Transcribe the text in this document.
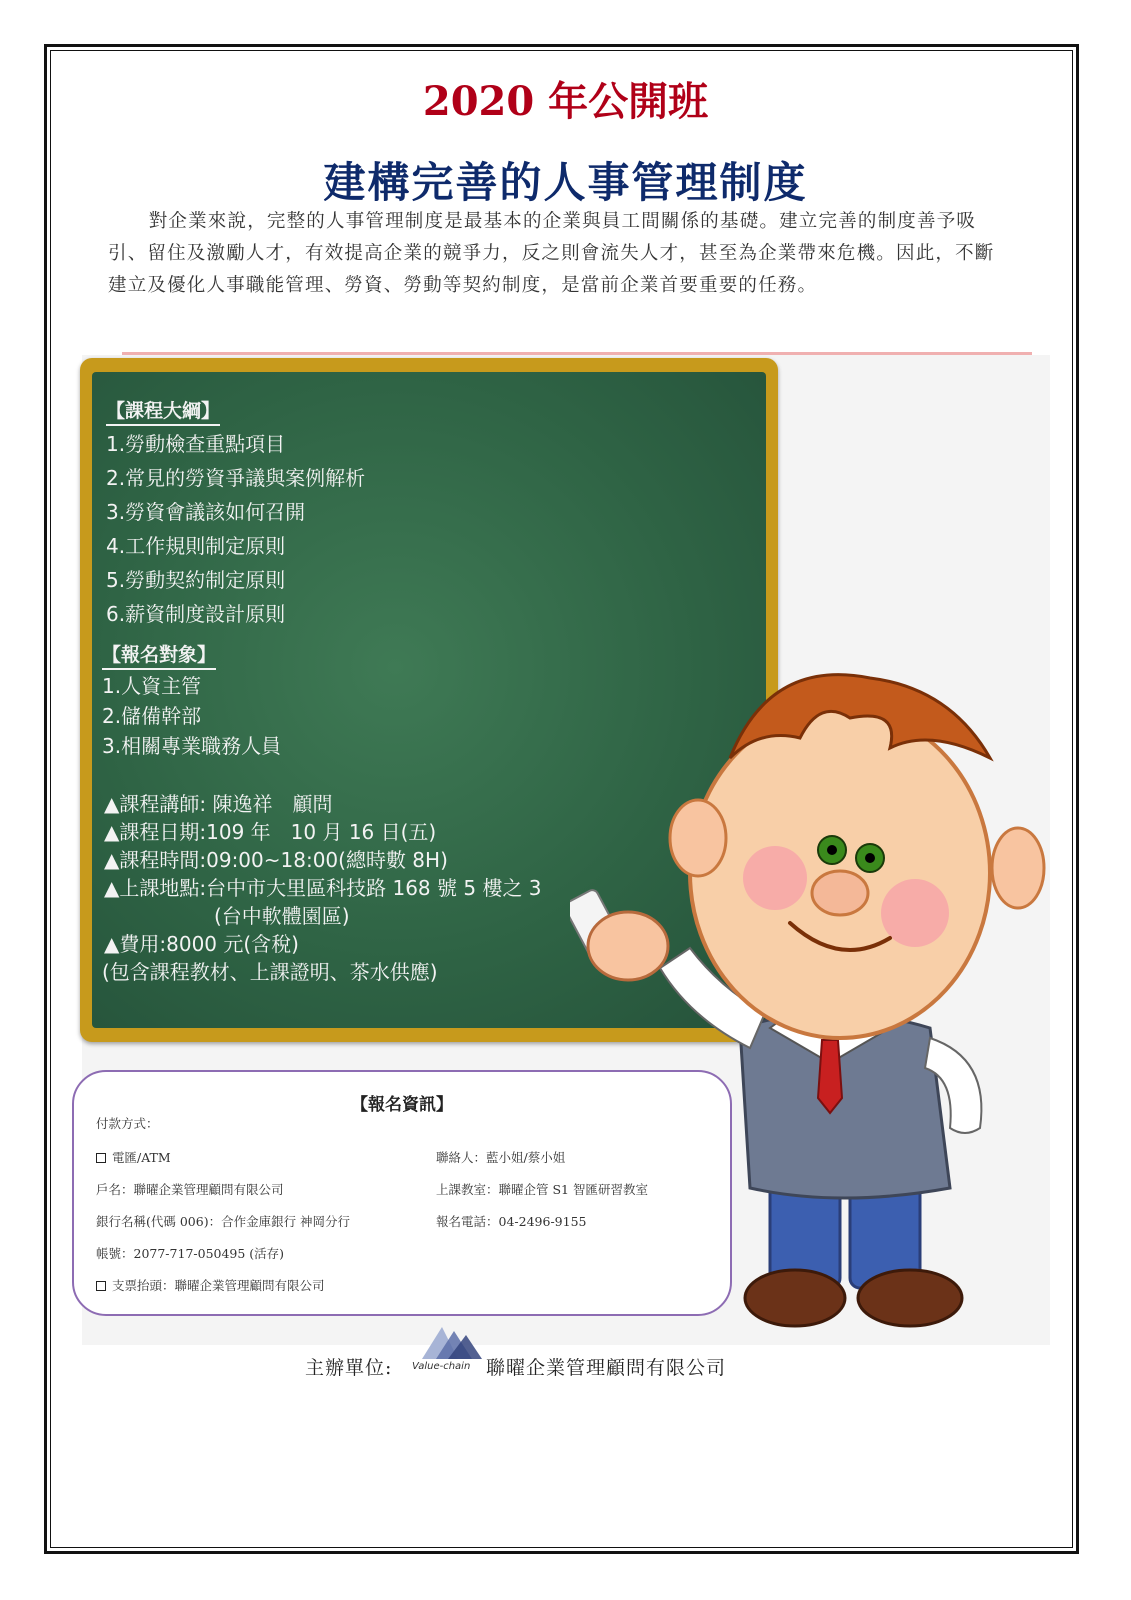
2020 年公開班
建構完善的人事管理制度
對企業來說，完整的人事管理制度是最基本的企業與員工間關係的基礎。建立完善的制度善予吸引、留住及激勵人才，有效提高企業的競爭力，反之則會流失人才，甚至為企業帶來危機。因此，不斷建立及優化人事職能管理、勞資、勞動等契約制度，是當前企業首要重要的任務。
【課程大綱】
1.勞動檢查重點項目
2.常見的勞資爭議與案例解析
3.勞資會議該如何召開
4.工作規則制定原則
5.勞動契約制定原則
6.薪資制度設計原則
【報名對象】
1.人資主管
2.儲備幹部
3.相關專業職務人員
▲課程講師: 陳逸祥　顧問
▲課程日期:109 年　10 月 16 日(五)
▲課程時間:09:00~18:00(總時數 8H)
▲上課地點:台中市大里區科技路 168 號 5 樓之 3
(台中軟體園區)
▲費用:8000 元(含稅)
(包含課程教材、上課證明、茶水供應)
【報名資訊】
付款方式：
電匯/ATM
戶名：聯曜企業管理顧問有限公司
銀行名稱(代碼 006)：合作金庫銀行 神岡分行
帳號：2077-717-050495 (活存)
支票抬頭：聯曜企業管理顧問有限公司
聯絡人：藍小姐/蔡小姐
上課教室：聯曜企管 S1 智匯研習教室
報名電話：04-2496-9155
主辦單位: Value-chain 聯曜企業管理顧問有限公司
